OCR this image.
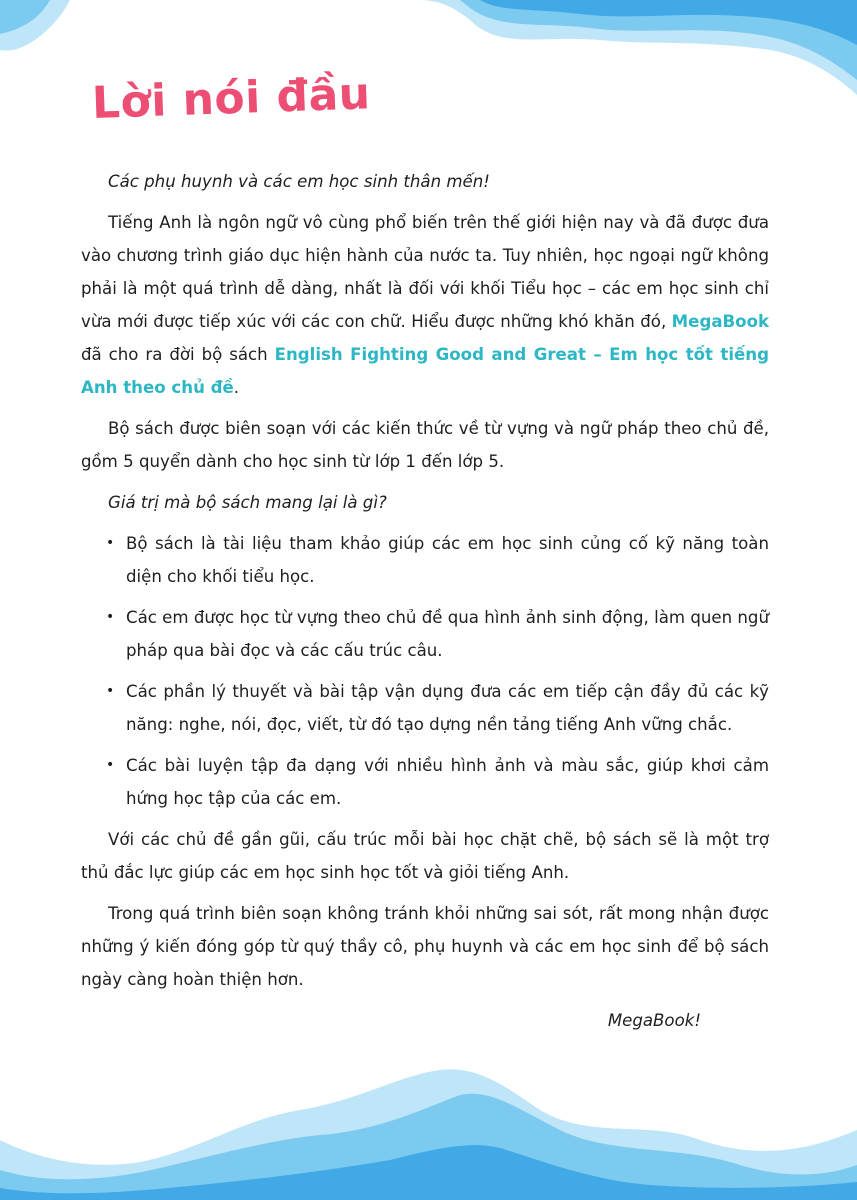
Lời nói đầu

Các phụ huynh và các em học sinh thân mến!

Tiếng Anh là ngôn ngữ vô cùng phổ biến trên thế giới hiện nay và đã được đưa vào chương trình giáo dục hiện hành của nước ta. Tuy nhiên, học ngoại ngữ không phải là một quá trình dễ dàng, nhất là đối với khối Tiểu học – các em học sinh chỉ vừa mới được tiếp xúc với các con chữ. Hiểu được những khó khăn đó, MegaBook đã cho ra đời bộ sách English Fighting Good and Great – Em học tốt tiếng Anh theo chủ đề.

Bộ sách được biên soạn với các kiến thức về từ vựng và ngữ pháp theo chủ đề, gồm 5 quyển dành cho học sinh từ lớp 1 đến lớp 5.

Giá trị mà bộ sách mang lại là gì?

• Bộ sách là tài liệu tham khảo giúp các em học sinh củng cố kỹ năng toàn diện cho khối tiểu học.
• Các em được học từ vựng theo chủ đề qua hình ảnh sinh động, làm quen ngữ pháp qua bài đọc và các cấu trúc câu.
• Các phần lý thuyết và bài tập vận dụng đưa các em tiếp cận đầy đủ các kỹ năng: nghe, nói, đọc, viết, từ đó tạo dựng nền tảng tiếng Anh vững chắc.
• Các bài luyện tập đa dạng với nhiều hình ảnh và màu sắc, giúp khơi cảm hứng học tập của các em.

Với các chủ đề gần gũi, cấu trúc mỗi bài học chặt chẽ, bộ sách sẽ là một trợ thủ đắc lực giúp các em học sinh học tốt và giỏi tiếng Anh.

Trong quá trình biên soạn không tránh khỏi những sai sót, rất mong nhận được những ý kiến đóng góp từ quý thầy cô, phụ huynh và các em học sinh để bộ sách ngày càng hoàn thiện hơn.

MegaBook!
